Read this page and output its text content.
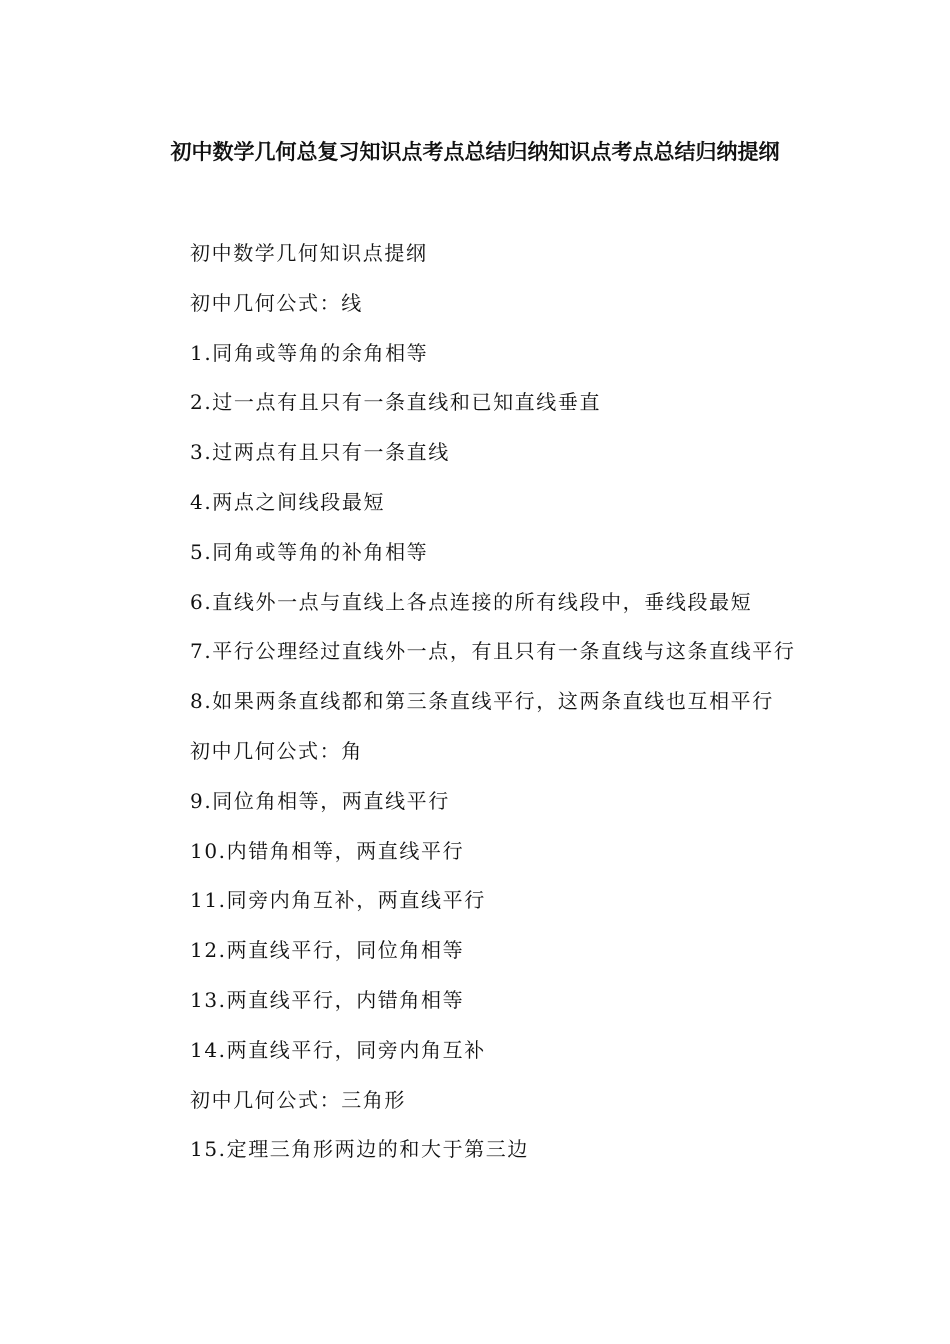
初中数学几何总复习知识点考点总结归纳知识点考点总结归纳提纲

初中数学几何知识点提纲

初中几何公式：线

1.同角或等角的余角相等

2.过一点有且只有一条直线和已知直线垂直

3.过两点有且只有一条直线

4.两点之间线段最短

5.同角或等角的补角相等

6.直线外一点与直线上各点连接的所有线段中，垂线段最短

7.平行公理经过直线外一点，有且只有一条直线与这条直线平行

8.如果两条直线都和第三条直线平行，这两条直线也互相平行

初中几何公式：角

9.同位角相等，两直线平行

10.内错角相等，两直线平行

11.同旁内角互补，两直线平行

12.两直线平行，同位角相等

13.两直线平行，内错角相等

14.两直线平行，同旁内角互补

初中几何公式：三角形

15.定理三角形两边的和大于第三边
